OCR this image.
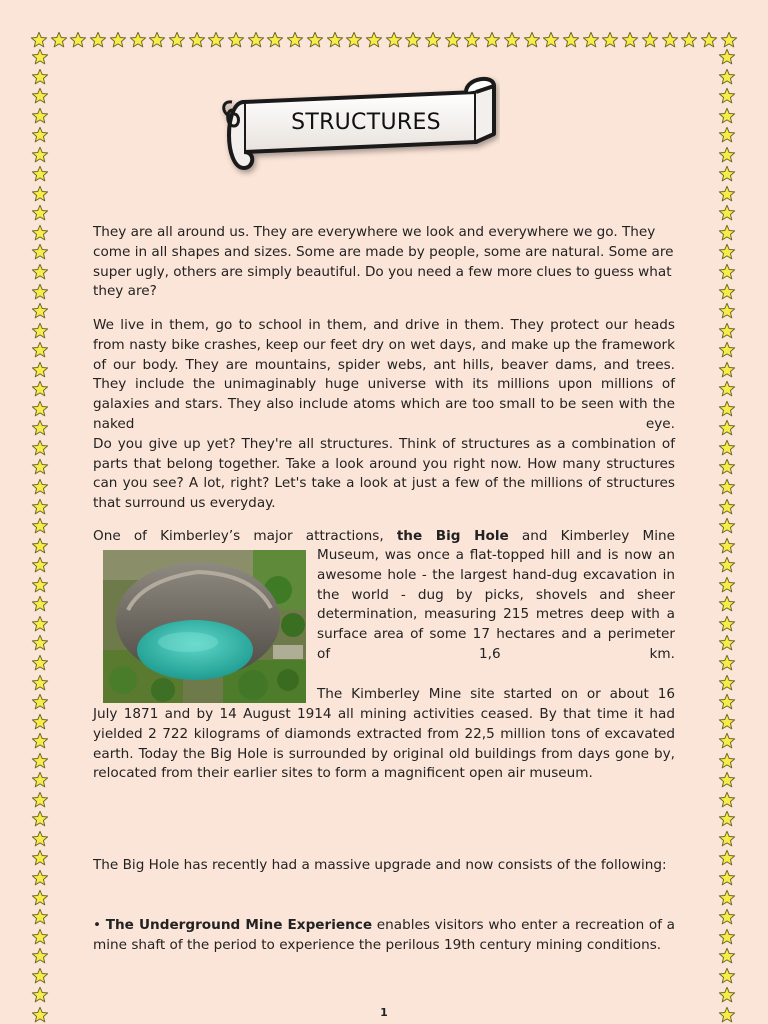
STRUCTURES

They are all around us. They are everywhere we look and everywhere we go. They come in all shapes and sizes. Some are made by people, some are natural. Some are super ugly, others are simply beautiful. Do you need a few more clues to guess what they are?

We live in them, go to school in them, and drive in them. They protect our heads from nasty bike crashes, keep our feet dry on wet days, and make up the framework of our body. They are mountains, spider webs, ant hills, beaver dams, and trees. They include the unimaginably huge universe with its millions upon millions of galaxies and stars. They also include atoms which are too small to be seen with the naked eye.

Do you give up yet? They're all structures. Think of structures as a combination of parts that belong together. Take a look around you right now. How many structures can you see? A lot, right? Let's take a look at just a few of the millions of structures that surround us everyday.

One of Kimberley’s major attractions, the Big Hole and Kimberley Mine

Museum, was once a flat-topped hill and is now an awesome hole - the largest hand-dug excavation in the world - dug by picks, shovels and sheer determination, measuring 215 metres deep with a surface area of some 17 hectares and a perimeter of 1,6 km.

The Kimberley Mine site started on or about 16

July 1871 and by 14 August 1914 all mining activities ceased. By that time it had yielded 2 722 kilograms of diamonds extracted from 22,5 million tons of excavated earth. Today the Big Hole is surrounded by original old buildings from days gone by, relocated from their earlier sites to form a magnificent open air museum.

The Big Hole has recently had a massive upgrade and now consists of the following:

• The Underground Mine Experience enables visitors who enter a recreation of a mine shaft of the period to experience the perilous 19th century mining conditions.

1
